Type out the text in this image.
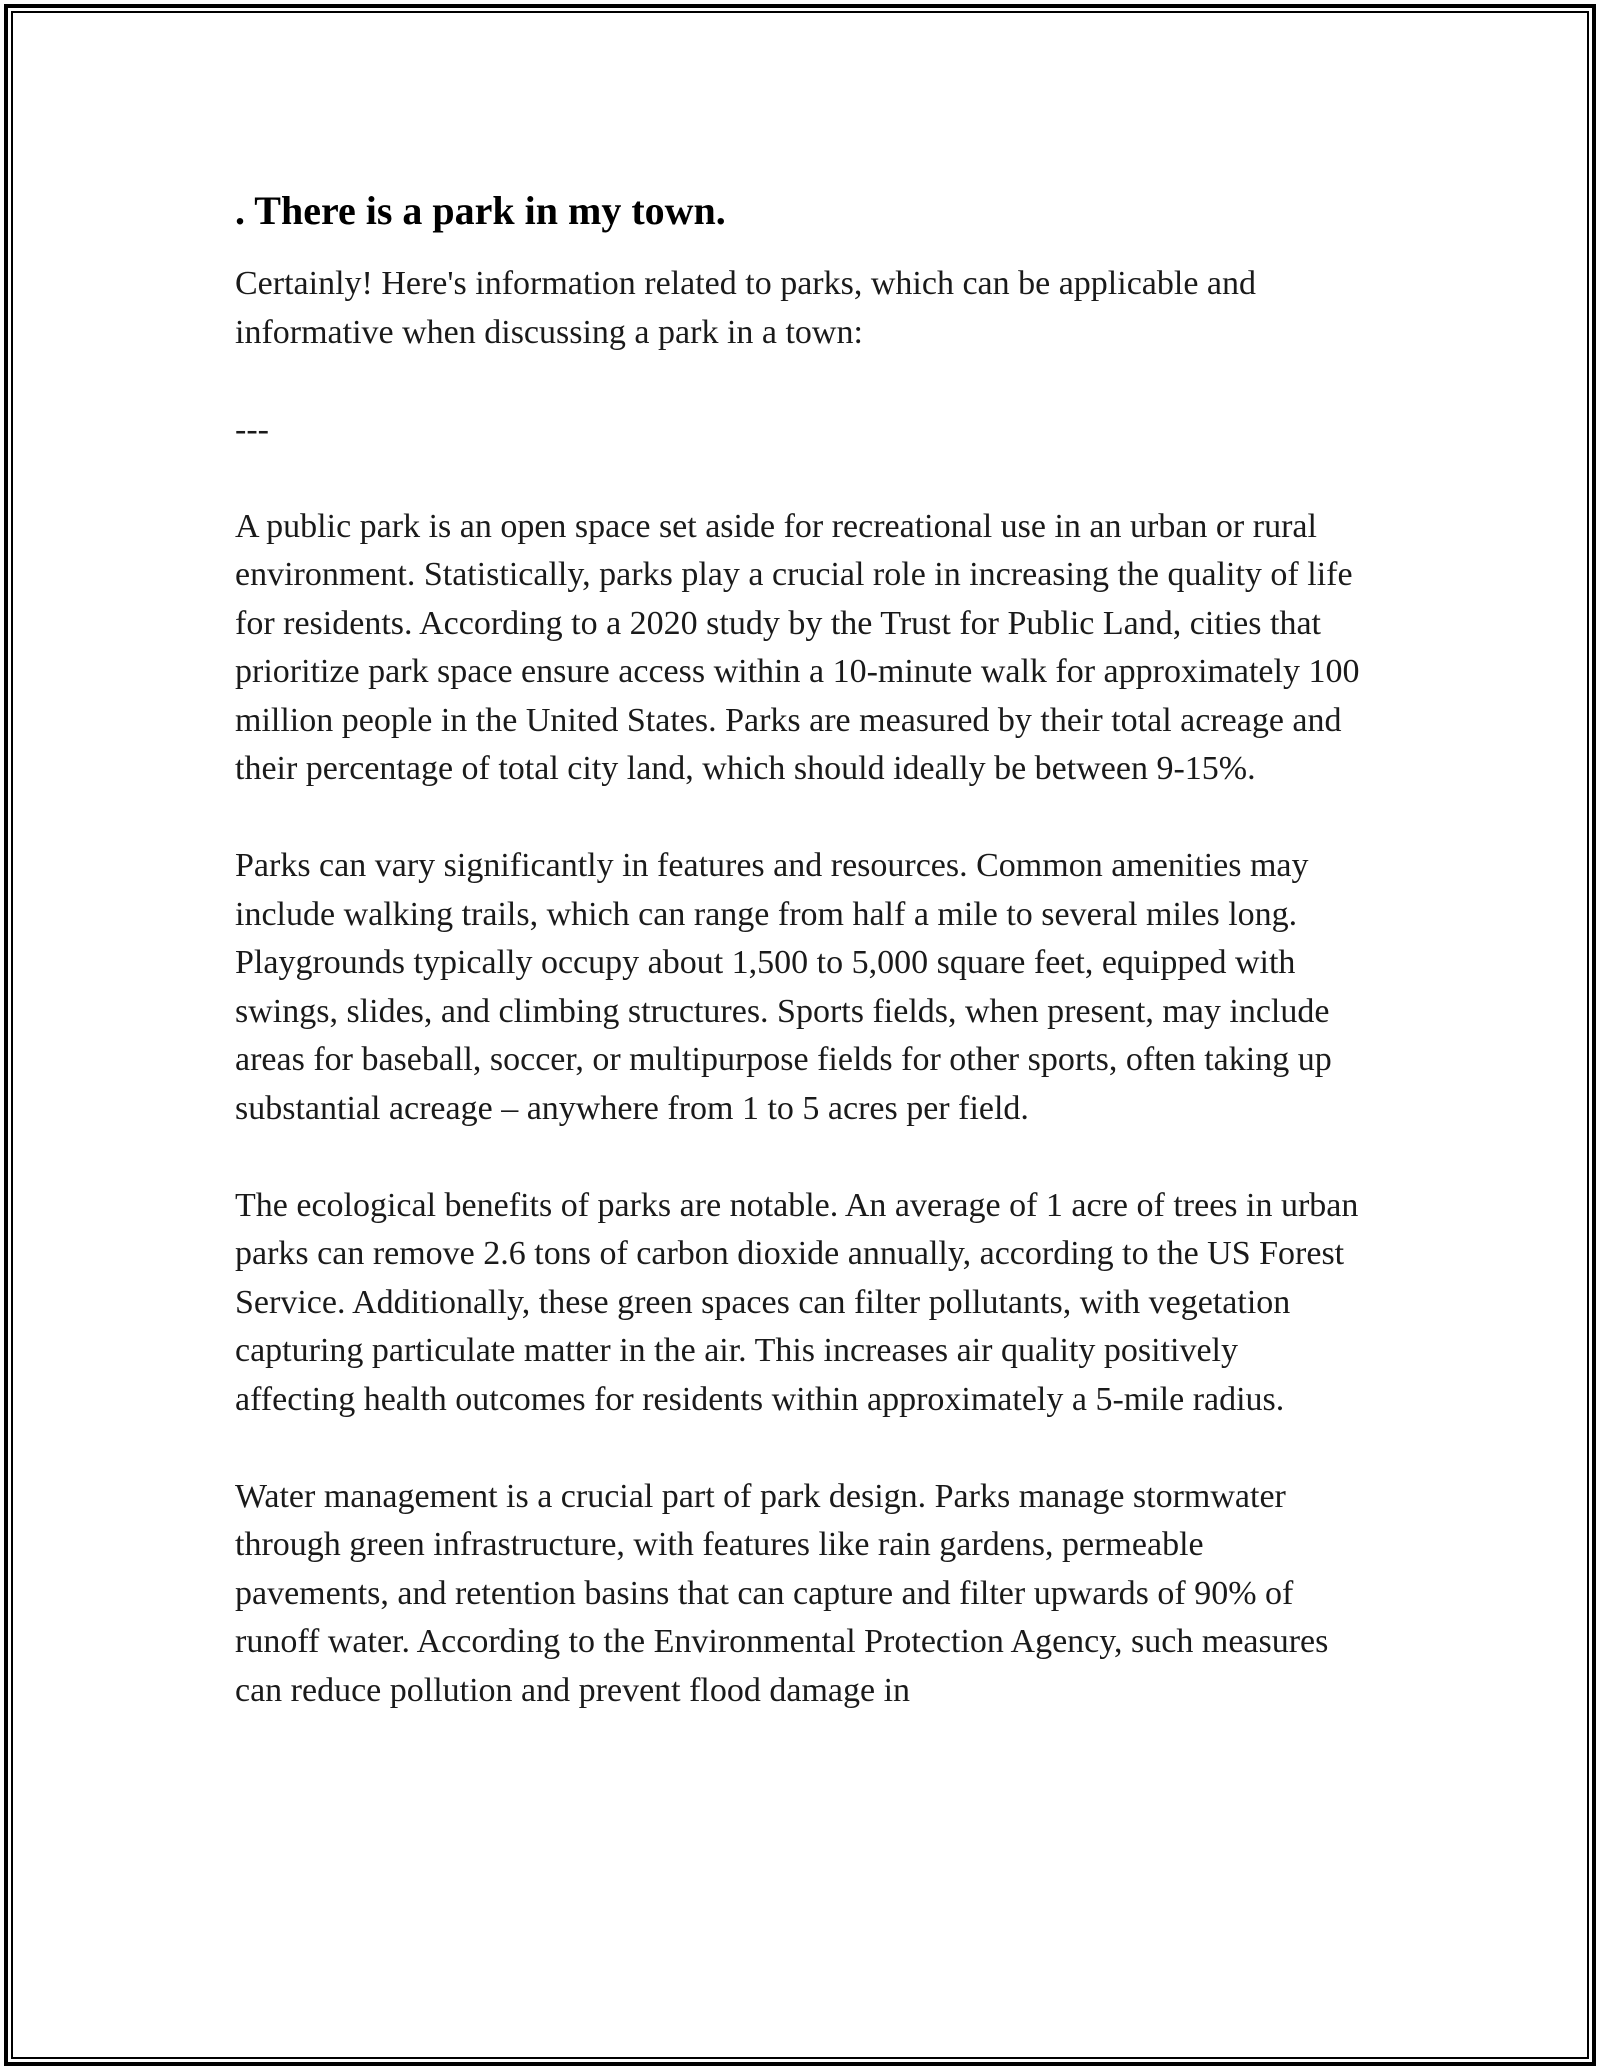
. There is a park in my town.

Certainly! Here's information related to parks, which can be applicable and informative when discussing a park in a town:

---

A public park is an open space set aside for recreational use in an urban or rural environment. Statistically, parks play a crucial role in increasing the quality of life for residents. According to a 2020 study by the Trust for Public Land, cities that prioritize park space ensure access within a 10-minute walk for approximately 100 million people in the United States. Parks are measured by their total acreage and their percentage of total city land, which should ideally be between 9-15%.

Parks can vary significantly in features and resources. Common amenities may include walking trails, which can range from half a mile to several miles long. Playgrounds typically occupy about 1,500 to 5,000 square feet, equipped with swings, slides, and climbing structures. Sports fields, when present, may include areas for baseball, soccer, or multipurpose fields for other sports, often taking up substantial acreage – anywhere from 1 to 5 acres per field.

The ecological benefits of parks are notable. An average of 1 acre of trees in urban parks can remove 2.6 tons of carbon dioxide annually, according to the US Forest Service. Additionally, these green spaces can filter pollutants, with vegetation capturing particulate matter in the air. This increases air quality positively affecting health outcomes for residents within approximately a 5-mile radius.

Water management is a crucial part of park design. Parks manage stormwater through green infrastructure, with features like rain gardens, permeable pavements, and retention basins that can capture and filter upwards of 90% of runoff water. According to the Environmental Protection Agency, such measures can reduce pollution and prevent flood damage in
